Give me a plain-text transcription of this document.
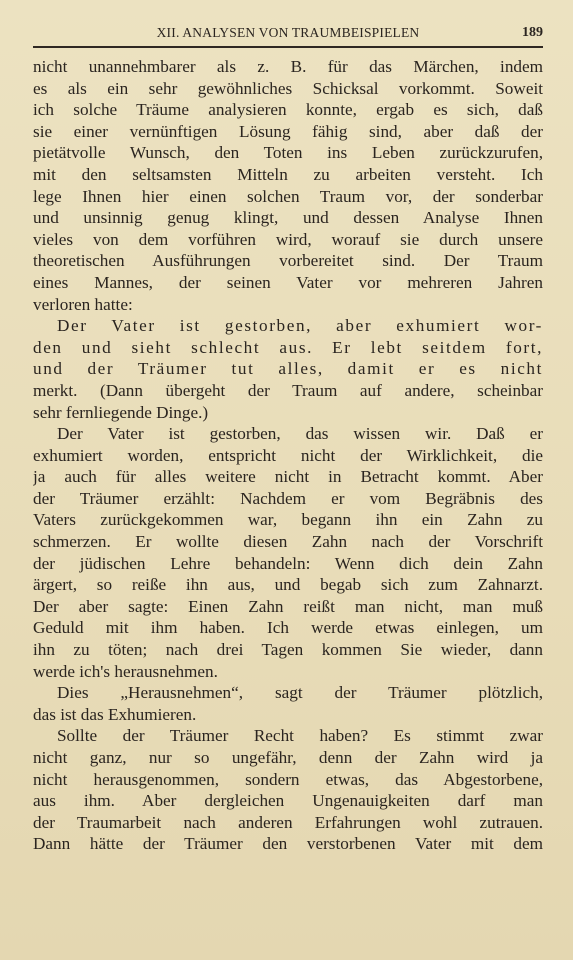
XII. ANALYSEN VON TRAUMBEISPIELEN	189
nicht unannehmbarer als z. B. für das Märchen, indem
es als ein sehr gewöhnliches Schicksal vorkommt. Soweit
ich solche Träume analysieren konnte, ergab es sich, daß
sie einer vernünftigen Lösung fähig sind, aber daß der
pietätvolle Wunsch, den Toten ins Leben zurückzurufen,
mit den seltsamsten Mitteln zu arbeiten versteht. Ich
lege Ihnen hier einen solchen Traum vor, der sonderbar
und unsinnig genug klingt, und dessen Analyse Ihnen
vieles von dem vorführen wird, worauf sie durch unsere
theoretischen Ausführungen vorbereitet sind. Der Traum
eines Mannes, der seinen Vater vor mehreren Jahren
verloren hatte:
Der Vater ist gestorben, aber exhumiert wor-
den und sieht schlecht aus. Er lebt seitdem fort,
und der Träumer tut alles, damit er es nicht
merkt. (Dann übergeht der Traum auf andere, scheinbar
sehr fernliegende Dinge.)
Der Vater ist gestorben, das wissen wir. Daß er
exhumiert worden, entspricht nicht der Wirklichkeit, die
ja auch für alles weitere nicht in Betracht kommt. Aber
der Träumer erzählt: Nachdem er vom Begräbnis des
Vaters zurückgekommen war, begann ihn ein Zahn zu
schmerzen. Er wollte diesen Zahn nach der Vorschrift
der jüdischen Lehre behandeln: Wenn dich dein Zahn
ärgert, so reiße ihn aus, und begab sich zum Zahnarzt.
Der aber sagte: Einen Zahn reißt man nicht, man muß
Geduld mit ihm haben. Ich werde etwas einlegen, um
ihn zu töten; nach drei Tagen kommen Sie wieder, dann
werde ich's herausnehmen.
Dies „Herausnehmen“, sagt der Träumer plötzlich,
das ist das Exhumieren.
Sollte der Träumer Recht haben? Es stimmt zwar
nicht ganz, nur so ungefähr, denn der Zahn wird ja
nicht herausgenommen, sondern etwas, das Abgestorbene,
aus ihm. Aber dergleichen Ungenauigkeiten darf man
der Traumarbeit nach anderen Erfahrungen wohl zutrauen.
Dann hätte der Träumer den verstorbenen Vater mit dem
